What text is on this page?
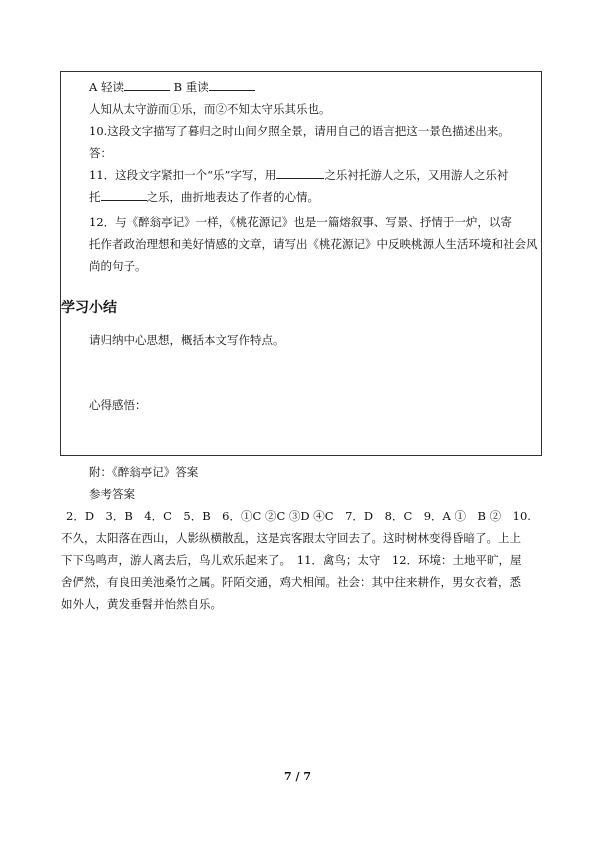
A 轻读	B 重读
人知从太守游而①乐，而②不知太守乐其乐也。
10.这段文字描写了暮归之时山间夕照全景，请用自己的语言把这一景色描述出来。
答：
11．这段文字紧扣一个“乐”字写，用	之乐衬托游人之乐，又用游人之乐衬
托	之乐，曲折地表达了作者的心情。
12．与《醉翁亭记》一样，《桃花源记》也是一篇熔叙事、写景、抒情于一炉，以寄
托作者政治理想和美好情感的文章，请写出《桃花源记》中反映桃源人生活环境和社会风
尚的句子。
学习小结
请归纳中心思想，概括本文写作特点。
心得感悟：
附：《醉翁亭记》答案
参考答案
2．D　3．B　4．C　5．B　6．①C ②C ③D ④C　7．D　8．C　9．A ①　B ②　10.
不久，太阳落在西山，人影纵横散乱，这是宾客跟太守回去了。这时树林变得昏暗了。上上
下下鸟鸣声，游人离去后，鸟儿欢乐起来了。　11．禽鸟；太守　12．环境：土地平旷，屋
舍俨然，有良田美池桑竹之属。阡陌交通，鸡犬相闻。社会：其中往来耕作，男女衣着，悉
如外人，黄发垂髫并怡然自乐。
7 / 7
